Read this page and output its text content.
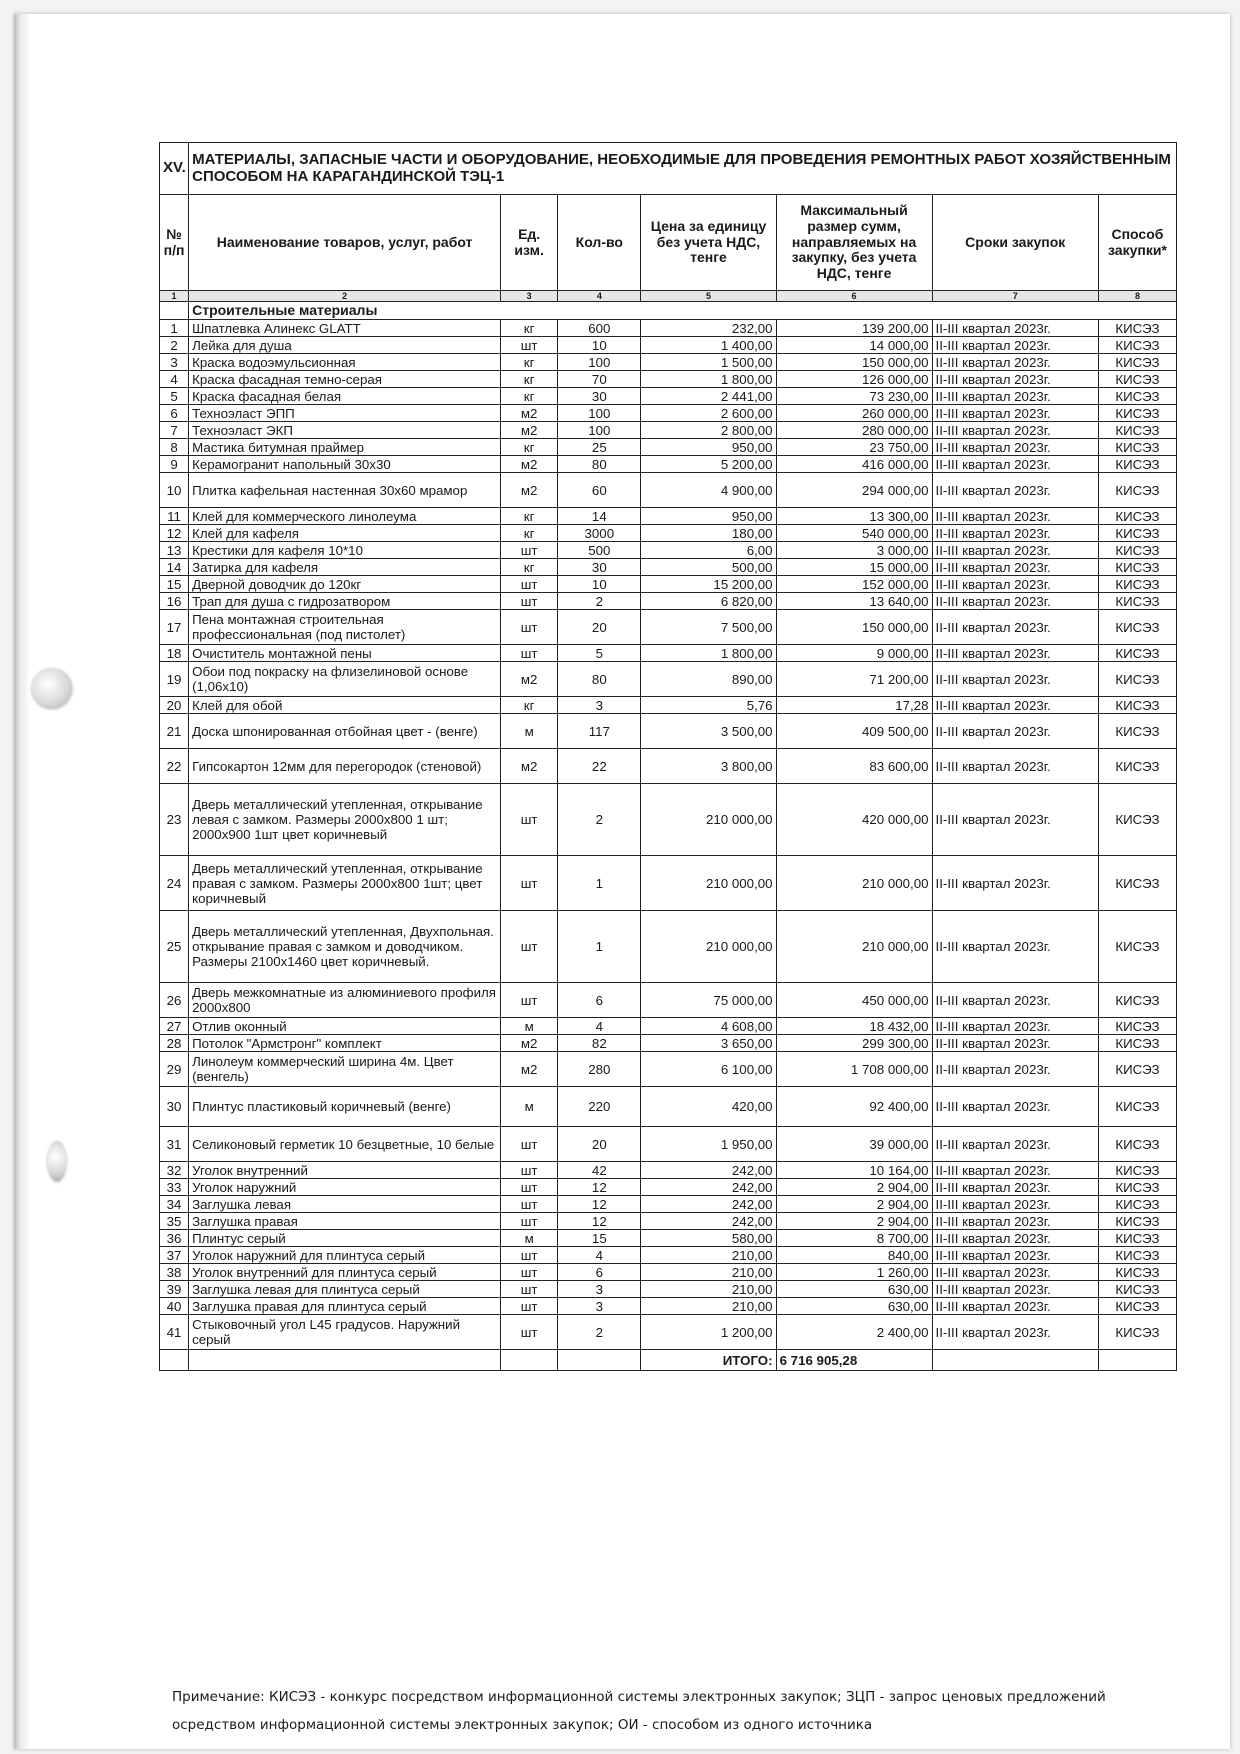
XV.	МАТЕРИАЛЫ, ЗАПАСНЫЕ ЧАСТИ И ОБОРУДОВАНИЕ, НЕОБХОДИМЫЕ ДЛЯ ПРОВЕДЕНИЯ РЕМОНТНЫХ РАБОТ ХОЗЯЙСТВЕННЫМ СПОСОБОМ НА КАРАГАНДИНСКОЙ ТЭЦ-1						
№ п/п	Наименование товаров, услуг, работ	Ед. изм.	Кол-во	Цена за единицу без учета НДС, тенге	Максимальный размер сумм, направляемых на закупку, без учета НДС, тенге	Сроки закупок	Способ закупки*
1	2	3	4	5	6	7	8
	Строительные материалы						
1	Шпатлевка Алинекс GLATT	кг	600	232,00	139 200,00	II-III квартал 2023г.	КИСЭЗ
2	Лейка для душа	шт	10	1 400,00	14 000,00	II-III квартал 2023г.	КИСЭЗ
3	Краска водоэмульсионная	кг	100	1 500,00	150 000,00	II-III квартал 2023г.	КИСЭЗ
4	Краска фасадная темно-серая	кг	70	1 800,00	126 000,00	II-III квартал 2023г.	КИСЭЗ
5	Краска фасадная белая	кг	30	2 441,00	73 230,00	II-III квартал 2023г.	КИСЭЗ
6	Техноэласт ЭПП	м2	100	2 600,00	260 000,00	II-III квартал 2023г.	КИСЭЗ
7	Техноэласт ЭКП	м2	100	2 800,00	280 000,00	II-III квартал 2023г.	КИСЭЗ
8	Мастика битумная праймер	кг	25	950,00	23 750,00	II-III квартал 2023г.	КИСЭЗ
9	Керамогранит напольный 30х30	м2	80	5 200,00	416 000,00	II-III квартал 2023г.	КИСЭЗ
10	Плитка кафельная настенная 30х60 мрамор	м2	60	4 900,00	294 000,00	II-III квартал 2023г.	КИСЭЗ
11	Клей для коммерческого линолеума	кг	14	950,00	13 300,00	II-III квартал 2023г.	КИСЭЗ
12	Клей для кафеля	кг	3000	180,00	540 000,00	II-III квартал 2023г.	КИСЭЗ
13	Крестики для кафеля 10*10	шт	500	6,00	3 000,00	II-III квартал 2023г.	КИСЭЗ
14	Затирка для кафеля	кг	30	500,00	15 000,00	II-III квартал 2023г.	КИСЭЗ
15	Дверной доводчик до 120кг	шт	10	15 200,00	152 000,00	II-III квартал 2023г.	КИСЭЗ
16	Трап для душа с гидрозатвором	шт	2	6 820,00	13 640,00	II-III квартал 2023г.	КИСЭЗ
17	Пена монтажная строительная профессиональная (под пистолет)	шт	20	7 500,00	150 000,00	II-III квартал 2023г.	КИСЭЗ
18	Очиститель монтажной пены	шт	5	1 800,00	9 000,00	II-III квартал 2023г.	КИСЭЗ
19	Обои под покраску на флизелиновой основе (1,06х10)	м2	80	890,00	71 200,00	II-III квартал 2023г.	КИСЭЗ
20	Клей для обой	кг	3	5,76	17,28	II-III квартал 2023г.	КИСЭЗ
21	Доска шпонированная отбойная цвет - (венге)	м	117	3 500,00	409 500,00	II-III квартал 2023г.	КИСЭЗ
22	Гипсокартон 12мм для перегородок (стеновой)	м2	22	3 800,00	83 600,00	II-III квартал 2023г.	КИСЭЗ
23	Дверь металлический утепленная, открывание левая с замком. Размеры 2000х800 1 шт; 2000х900 1шт цвет коричневый	шт	2	210 000,00	420 000,00	II-III квартал 2023г.	КИСЭЗ
24	Дверь металлический утепленная, открывание правая с замком. Размеры 2000х800 1шт; цвет коричневый	шт	1	210 000,00	210 000,00	II-III квартал 2023г.	КИСЭЗ
25	Дверь металлический утепленная, Двухпольная. открывание правая с замком и доводчиком. Размеры 2100х1460 цвет коричневый.	шт	1	210 000,00	210 000,00	II-III квартал 2023г.	КИСЭЗ
26	Дверь межкомнатные из алюминиевого профиля 2000х800	шт	6	75 000,00	450 000,00	II-III квартал 2023г.	КИСЭЗ
27	Отлив оконный	м	4	4 608,00	18 432,00	II-III квартал 2023г.	КИСЭЗ
28	Потолок "Армстронг" комплект	м2	82	3 650,00	299 300,00	II-III квартал 2023г.	КИСЭЗ
29	Линолеум коммерческий ширина 4м. Цвет (венгель)	м2	280	6 100,00	1 708 000,00	II-III квартал 2023г.	КИСЭЗ
30	Плинтус пластиковый коричневый (венге)	м	220	420,00	92 400,00	II-III квартал 2023г.	КИСЭЗ
31	Селиконовый герметик 10 безцветные, 10 белые	шт	20	1 950,00	39 000,00	II-III квартал 2023г.	КИСЭЗ
32	Уголок внутренний	шт	42	242,00	10 164,00	II-III квартал 2023г.	КИСЭЗ
33	Уголок наружний	шт	12	242,00	2 904,00	II-III квартал 2023г.	КИСЭЗ
34	Заглушка левая	шт	12	242,00	2 904,00	II-III квартал 2023г.	КИСЭЗ
35	Заглушка правая	шт	12	242,00	2 904,00	II-III квартал 2023г.	КИСЭЗ
36	Плинтус серый	м	15	580,00	8 700,00	II-III квартал 2023г.	КИСЭЗ
37	Уголок наружний для плинтуса серый	шт	4	210,00	840,00	II-III квартал 2023г.	КИСЭЗ
38	Уголок внутренний для плинтуса серый	шт	6	210,00	1 260,00	II-III квартал 2023г.	КИСЭЗ
39	Заглушка левая для плинтуса серый	шт	3	210,00	630,00	II-III квартал 2023г.	КИСЭЗ
40	Заглушка правая для плинтуса серый	шт	3	210,00	630,00	II-III квартал 2023г.	КИСЭЗ
41	Стыковочный угол L45 градусов. Наружний серый	шт	2	1 200,00	2 400,00	II-III квартал 2023г.	КИСЭЗ
				ИТОГО:	6 716 905,28		
Примечание: КИСЭЗ - конкурс посредством информационной системы электронных закупок; ЗЦП - запрос ценовых предложений
осредством информационной системы электронных закупок; ОИ - способом из одного источника
